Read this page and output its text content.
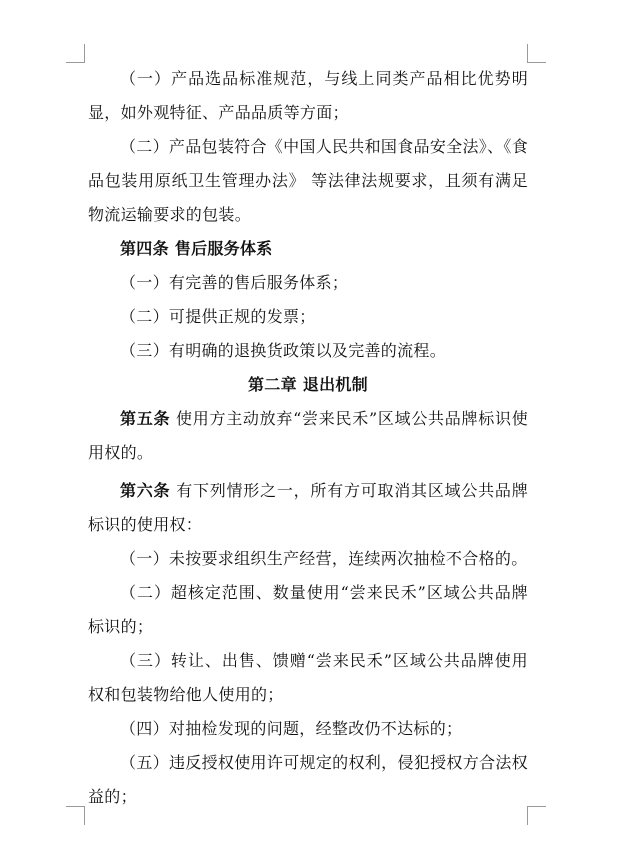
（一）产品选品标准规范，与线上同类产品相比优势明显，如外观特征、产品品质等方面；

（二）产品包装符合《中国人民共和国食品安全法》、《食品包装用原纸卫生管理办法》 等法律法规要求，且须有满足物流运输要求的包装。

第四条 售后服务体系

（一）有完善的售后服务体系；

（二）可提供正规的发票；

（三）有明确的退换货政策以及完善的流程。

第二章 退出机制

第五条 使用方主动放弃“尝来民禾”区域公共品牌标识使用权的。

第六条 有下列情形之一，所有方可取消其区域公共品牌标识的使用权：

（一）未按要求组织生产经营，连续两次抽检不合格的。

（二）超核定范围、数量使用“尝来民禾”区域公共品牌标识的；

（三）转让、出售、馈赠“尝来民禾”区域公共品牌使用权和包装物给他人使用的；

（四）对抽检发现的问题，经整改仍不达标的；

（五）违反授权使用许可规定的权利，侵犯授权方合法权益的；
